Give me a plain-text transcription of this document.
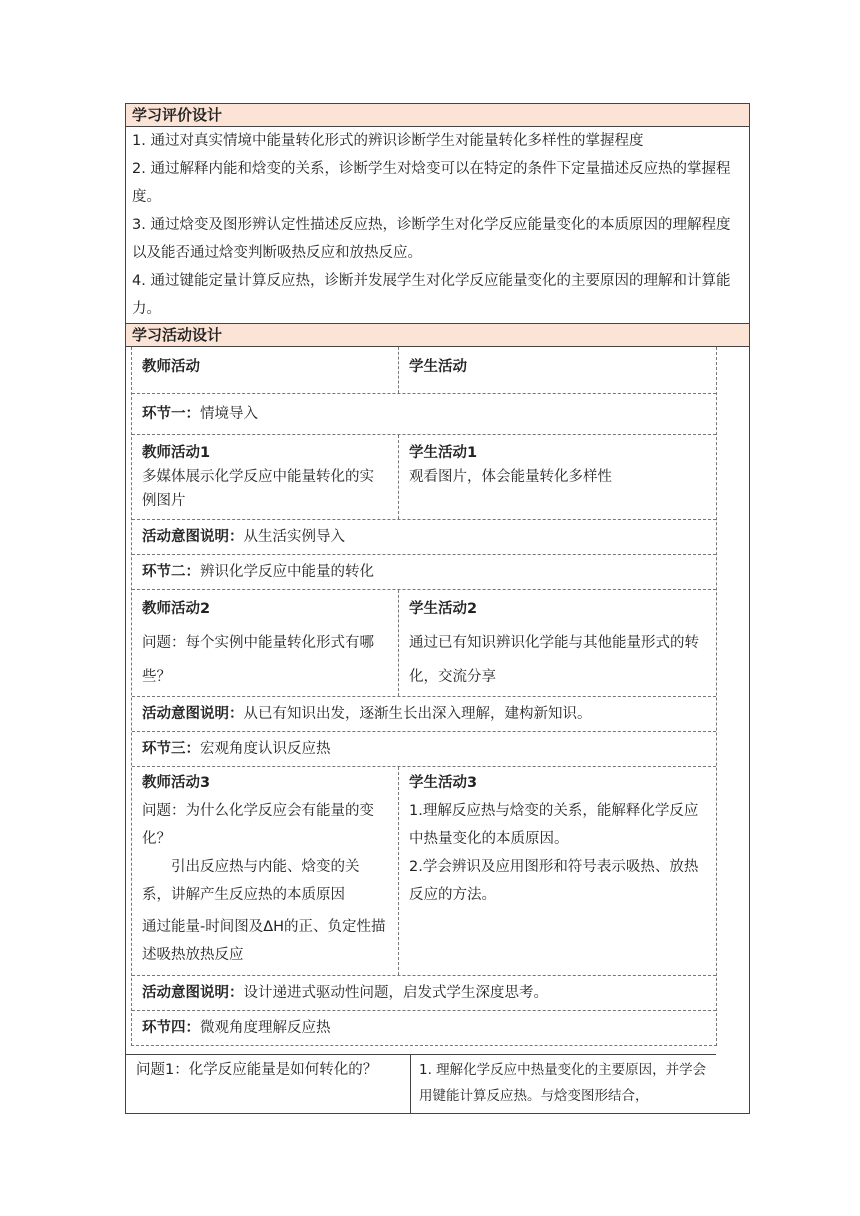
学习评价设计

1. 通过对真实情境中能量转化形式的辨识诊断学生对能量转化多样性的掌握程度

2. 通过解释内能和焓变的关系，诊断学生对焓变可以在特定的条件下定量描述反应热的掌握程度。

3. 通过焓变及图形辨认定性描述反应热，诊断学生对化学反应能量变化的本质原因的理解程度以及能否通过焓变判断吸热反应和放热反应。

4. 通过键能定量计算反应热，诊断并发展学生对化学反应能量变化的主要原因的理解和计算能力。

学习活动设计
教师活动	学生活动
环节一：情境导入
教师活动1
多媒体展示化学反应中能量转化的实例图片
学生活动1
观看图片，体会能量转化多样性
活动意图说明：从生活实例导入
环节二：辨识化学反应中能量的转化
教师活动2
问题：每个实例中能量转化形式有哪些？
学生活动2
通过已有知识辨识化学能与其他能量形式的转化，交流分享
活动意图说明：从已有知识出发，逐渐生长出深入理解，建构新知识。
环节三：宏观角度认识反应热
教师活动3
问题：为什么化学反应会有能量的变化？
引出反应热与内能、焓变的关系，讲解产生反应热的本质原因
通过能量-时间图及ΔH的正、负定性描述吸热放热反应
学生活动3
1.理解反应热与焓变的关系，能解释化学反应中热量变化的本质原因。
2.学会辨识及应用图形和符号表示吸热、放热反应的方法。
活动意图说明：设计递进式驱动性问题，启发式学生深度思考。
环节四：微观角度理解反应热
问题1：化学反应能量是如何转化的？	1. 理解化学反应中热量变化的主要原因，并学会用键能计算反应热。与焓变图形结合，
